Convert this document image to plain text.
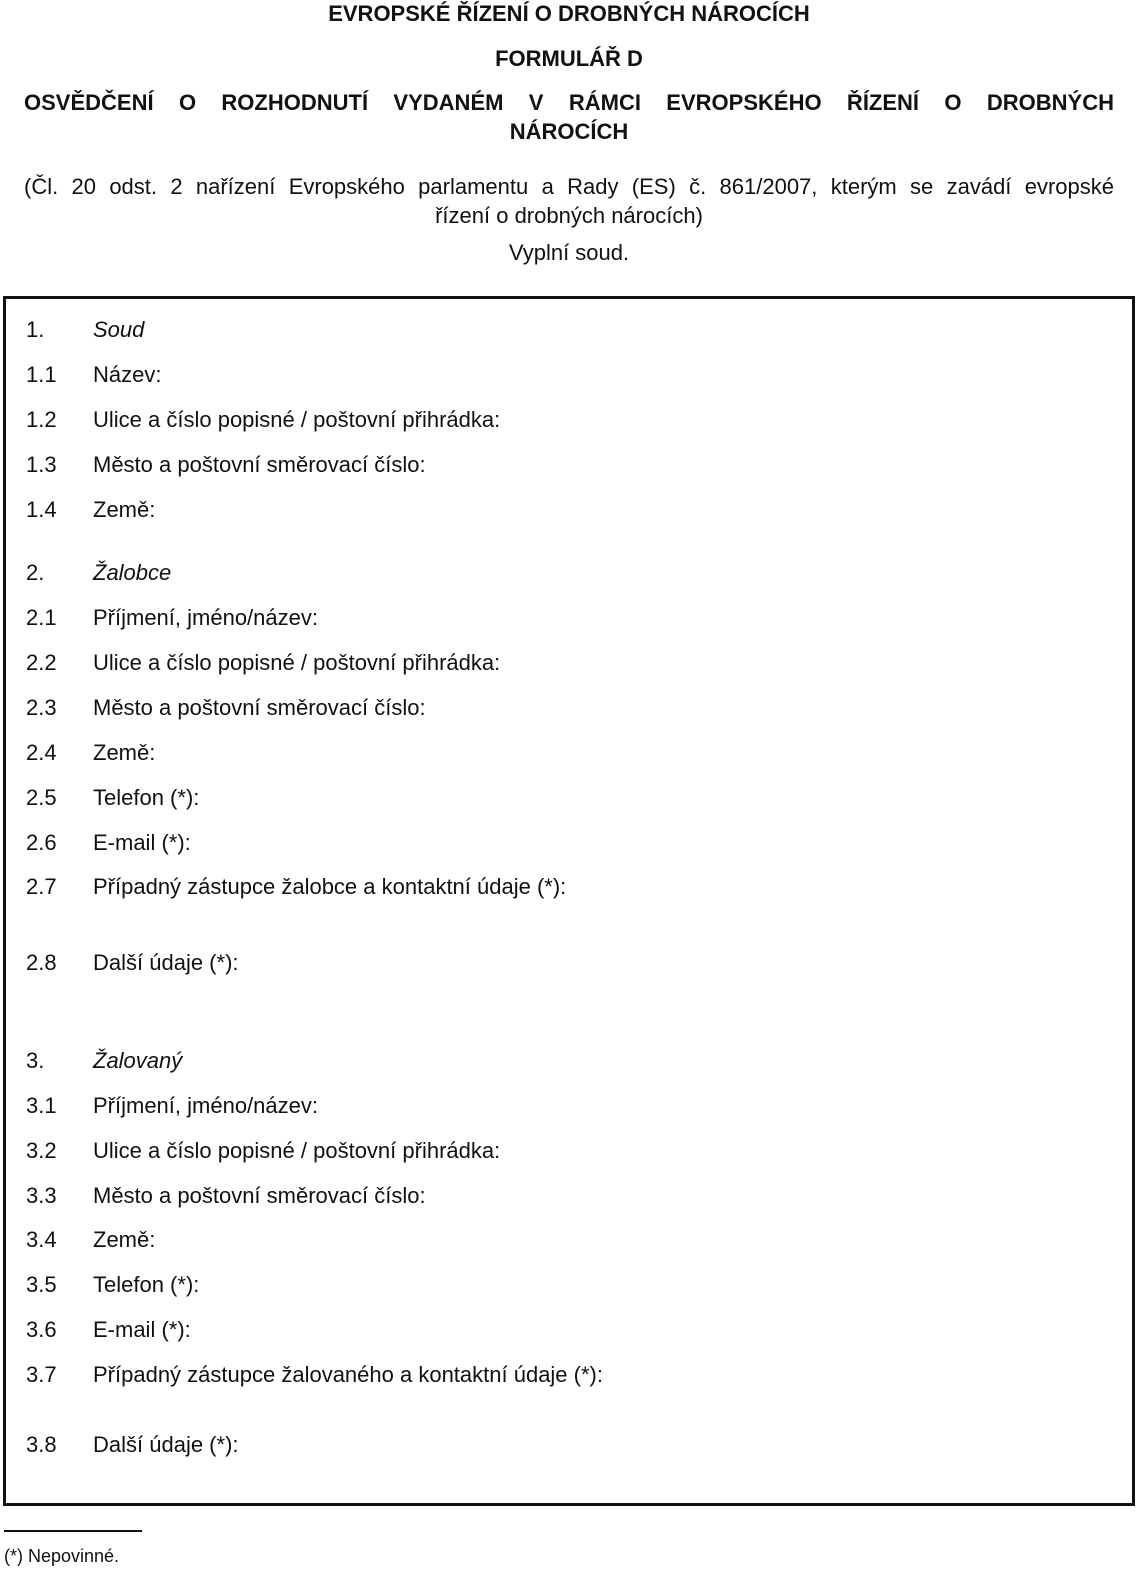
EVROPSKÉ ŘÍZENÍ O DROBNÝCH NÁROCÍCH
FORMULÁŘ D
OSVĚDČENÍ O ROZHODNUTÍ VYDANÉM V RÁMCI EVROPSKÉHO ŘÍZENÍ O DROBNÝCH
NÁROCÍCH
(Čl. 20 odst. 2 nařízení Evropského parlamentu a Rady (ES) č. 861/2007, kterým se zavádí evropské
řízení o drobných nárocích)
Vyplní soud.
1. Soud
1.1 Název:
1.2 Ulice a číslo popisné / poštovní přihrádka:
1.3 Město a poštovní směrovací číslo:
1.4 Země:
2. Žalobce
2.1 Příjmení, jméno/název:
2.2 Ulice a číslo popisné / poštovní přihrádka:
2.3 Město a poštovní směrovací číslo:
2.4 Země:
2.5 Telefon (*):
2.6 E-mail (*):
2.7 Případný zástupce žalobce a kontaktní údaje (*):
2.8 Další údaje (*):
3. Žalovaný
3.1 Příjmení, jméno/název:
3.2 Ulice a číslo popisné / poštovní přihrádka:
3.3 Město a poštovní směrovací číslo:
3.4 Země:
3.5 Telefon (*):
3.6 E-mail (*):
3.7 Případný zástupce žalovaného a kontaktní údaje (*):
3.8 Další údaje (*):
(*) Nepovinné.
